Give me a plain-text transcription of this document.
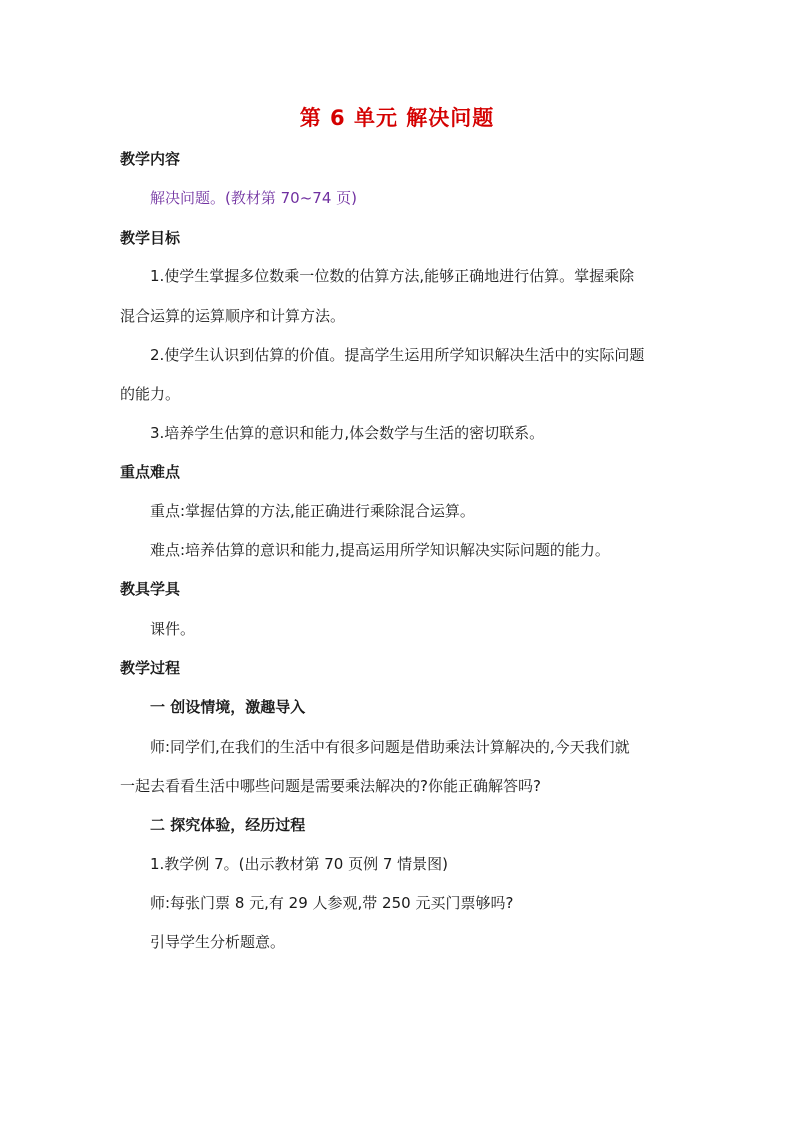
第 6 单元 解决问题
教学内容
解决问题。(教材第 70~74 页)
教学目标
1.使学生掌握多位数乘一位数的估算方法,能够正确地进行估算。掌握乘除
混合运算的运算顺序和计算方法。
2.使学生认识到估算的价值。提高学生运用所学知识解决生活中的实际问题
的能力。
3.培养学生估算的意识和能力,体会数学与生活的密切联系。
重点难点
重点:掌握估算的方法,能正确进行乘除混合运算。
难点:培养估算的意识和能力,提高运用所学知识解决实际问题的能力。
教具学具
课件。
教学过程
一 创设情境，激趣导入
师:同学们,在我们的生活中有很多问题是借助乘法计算解决的,今天我们就
一起去看看生活中哪些问题是需要乘法解决的?你能正确解答吗?
二 探究体验，经历过程
1.教学例 7。(出示教材第 70 页例 7 情景图)
师:每张门票 8 元,有 29 人参观,带 250 元买门票够吗?
引导学生分析题意。
